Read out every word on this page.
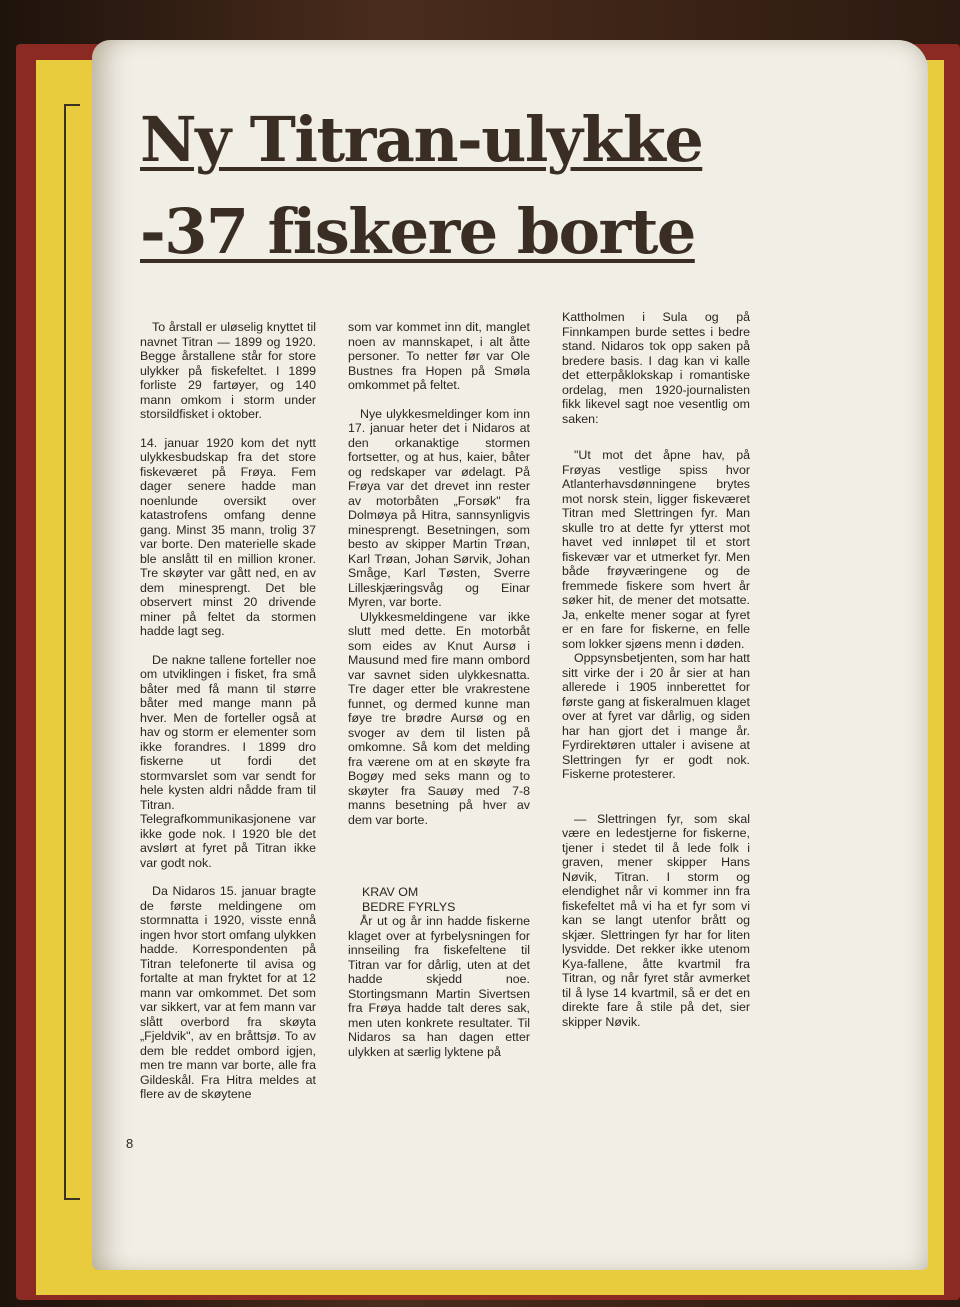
Ny Titran-ulykke
-37 fiskere borte

To årstall er uløselig knyttet til navnet Titran — 1899 og 1920. Begge årstallene står for store ulykker på fiskefeltet. I 1899 forliste 29 fartøyer, og 140 mann omkom i storm under storsildfisket i oktober.

14. januar 1920 kom det nytt ulykkesbudskap fra det store fiskeværet på Frøya. Fem dager senere hadde man noenlunde oversikt over katastrofens omfang denne gang. Minst 35 mann, trolig 37 var borte. Den materielle skade ble anslått til en million kroner. Tre skøyter var gått ned, en av dem minesprengt. Det ble observert minst 20 drivende miner på feltet da stormen hadde lagt seg.

De nakne tallene forteller noe om utviklingen i fisket, fra små båter med få mann til større båter med mange mann på hver. Men de forteller også at hav og storm er elementer som ikke forandres. I 1899 dro fiskerne ut fordi det stormvarslet som var sendt for hele kysten aldri nådde fram til Titran. Telegrafkommunikasjonene var ikke gode nok. I 1920 ble det avslørt at fyret på Titran ikke var godt nok.

Da Nidaros 15. januar bragte de første meldingene om stormnatta i 1920, visste ennå ingen hvor stort omfang ulykken hadde. Korrespondenten på Titran telefonerte til avisa og fortalte at man fryktet for at 12 mann var omkommet. Det som var sikkert, var at fem mann var slått overbord fra skøyta „Fjeldvik", av en bråttsjø. To av dem ble reddet ombord igjen, men tre mann var borte, alle fra Gildeskål. Fra Hitra meldes at flere av de skøytene

som var kommet inn dit, manglet noen av mannskapet, i alt åtte personer. To netter før var Ole Bustnes fra Hopen på Smøla omkommet på feltet.

Nye ulykkesmeldinger kom inn 17. januar heter det i Nidaros at den orkanaktige stormen fortsetter, og at hus, kaier, båter og redskaper var ødelagt. På Frøya var det drevet inn rester av motorbåten „Forsøk" fra Dolmøya på Hitra, sannsynligvis minesprengt. Besetningen, som besto av skipper Martin Trøan, Karl Trøan, Johan Sørvik, Johan Småge, Karl Tøsten, Sverre Lilleskjæringsvåg og Einar Myren, var borte.

Ulykkesmeldingene var ikke slutt med dette. En motorbåt som eides av Knut Aursø i Mausund med fire mann ombord var savnet siden ulykkesnatta. Tre dager etter ble vrakrestene funnet, og dermed kunne man føye tre brødre Aursø og en svoger av dem til listen på omkomne. Så kom det melding fra værene om at en skøyte fra Bogøy med seks mann og to skøyter fra Sauøy med 7-8 manns besetning på hver av dem var borte.

KRAV OM
BEDRE FYRLYS

År ut og år inn hadde fiskerne klaget over at fyrbelysningen for innseiling fra fiskefeltene til Titran var for dårlig, uten at det hadde skjedd noe. Stortingsmann Martin Sivertsen fra Frøya hadde talt deres sak, men uten konkrete resultater. Til Nidaros sa han dagen etter ulykken at særlig lyktene på

Kattholmen i Sula og på Finnkampen burde settes i bedre stand. Nidaros tok opp saken på bredere basis. I dag kan vi kalle det etterpåklokskap i romantiske ordelag, men 1920-journalisten fikk likevel sagt noe vesentlig om saken:

"Ut mot det åpne hav, på Frøyas vestlige spiss hvor Atlanterhavsdønningene brytes mot norsk stein, ligger fiskeværet Titran med Slettringen fyr. Man skulle tro at dette fyr ytterst mot havet ved innløpet til et stort fiskevær var et utmerket fyr. Men både frøyværingene og de fremmede fiskere som hvert år søker hit, de mener det motsatte. Ja, enkelte mener sogar at fyret er en fare for fiskerne, en felle som lokker sjøens menn i døden.

Oppsynsbetjenten, som har hatt sitt virke der i 20 år sier at han allerede i 1905 innberettet for første gang at fiskeralmuen klaget over at fyret var dårlig, og siden har han gjort det i mange år. Fyrdirektøren uttaler i avisene at Slettringen fyr er godt nok. Fiskerne protesterer.

— Slettringen fyr, som skal være en ledestjerne for fiskerne, tjener i stedet til å lede folk i graven, mener skipper Hans Nøvik, Titran. I storm og elendighet når vi kommer inn fra fiskefeltet må vi ha et fyr som vi kan se langt utenfor brått og skjær. Slettringen fyr har for liten lysvidde. Det rekker ikke utenom Kya-fallene, åtte kvartmil fra Titran, og når fyret står avmerket til å lyse 14 kvartmil, så er det en direkte fare å stile på det, sier skipper Nøvik.

8
